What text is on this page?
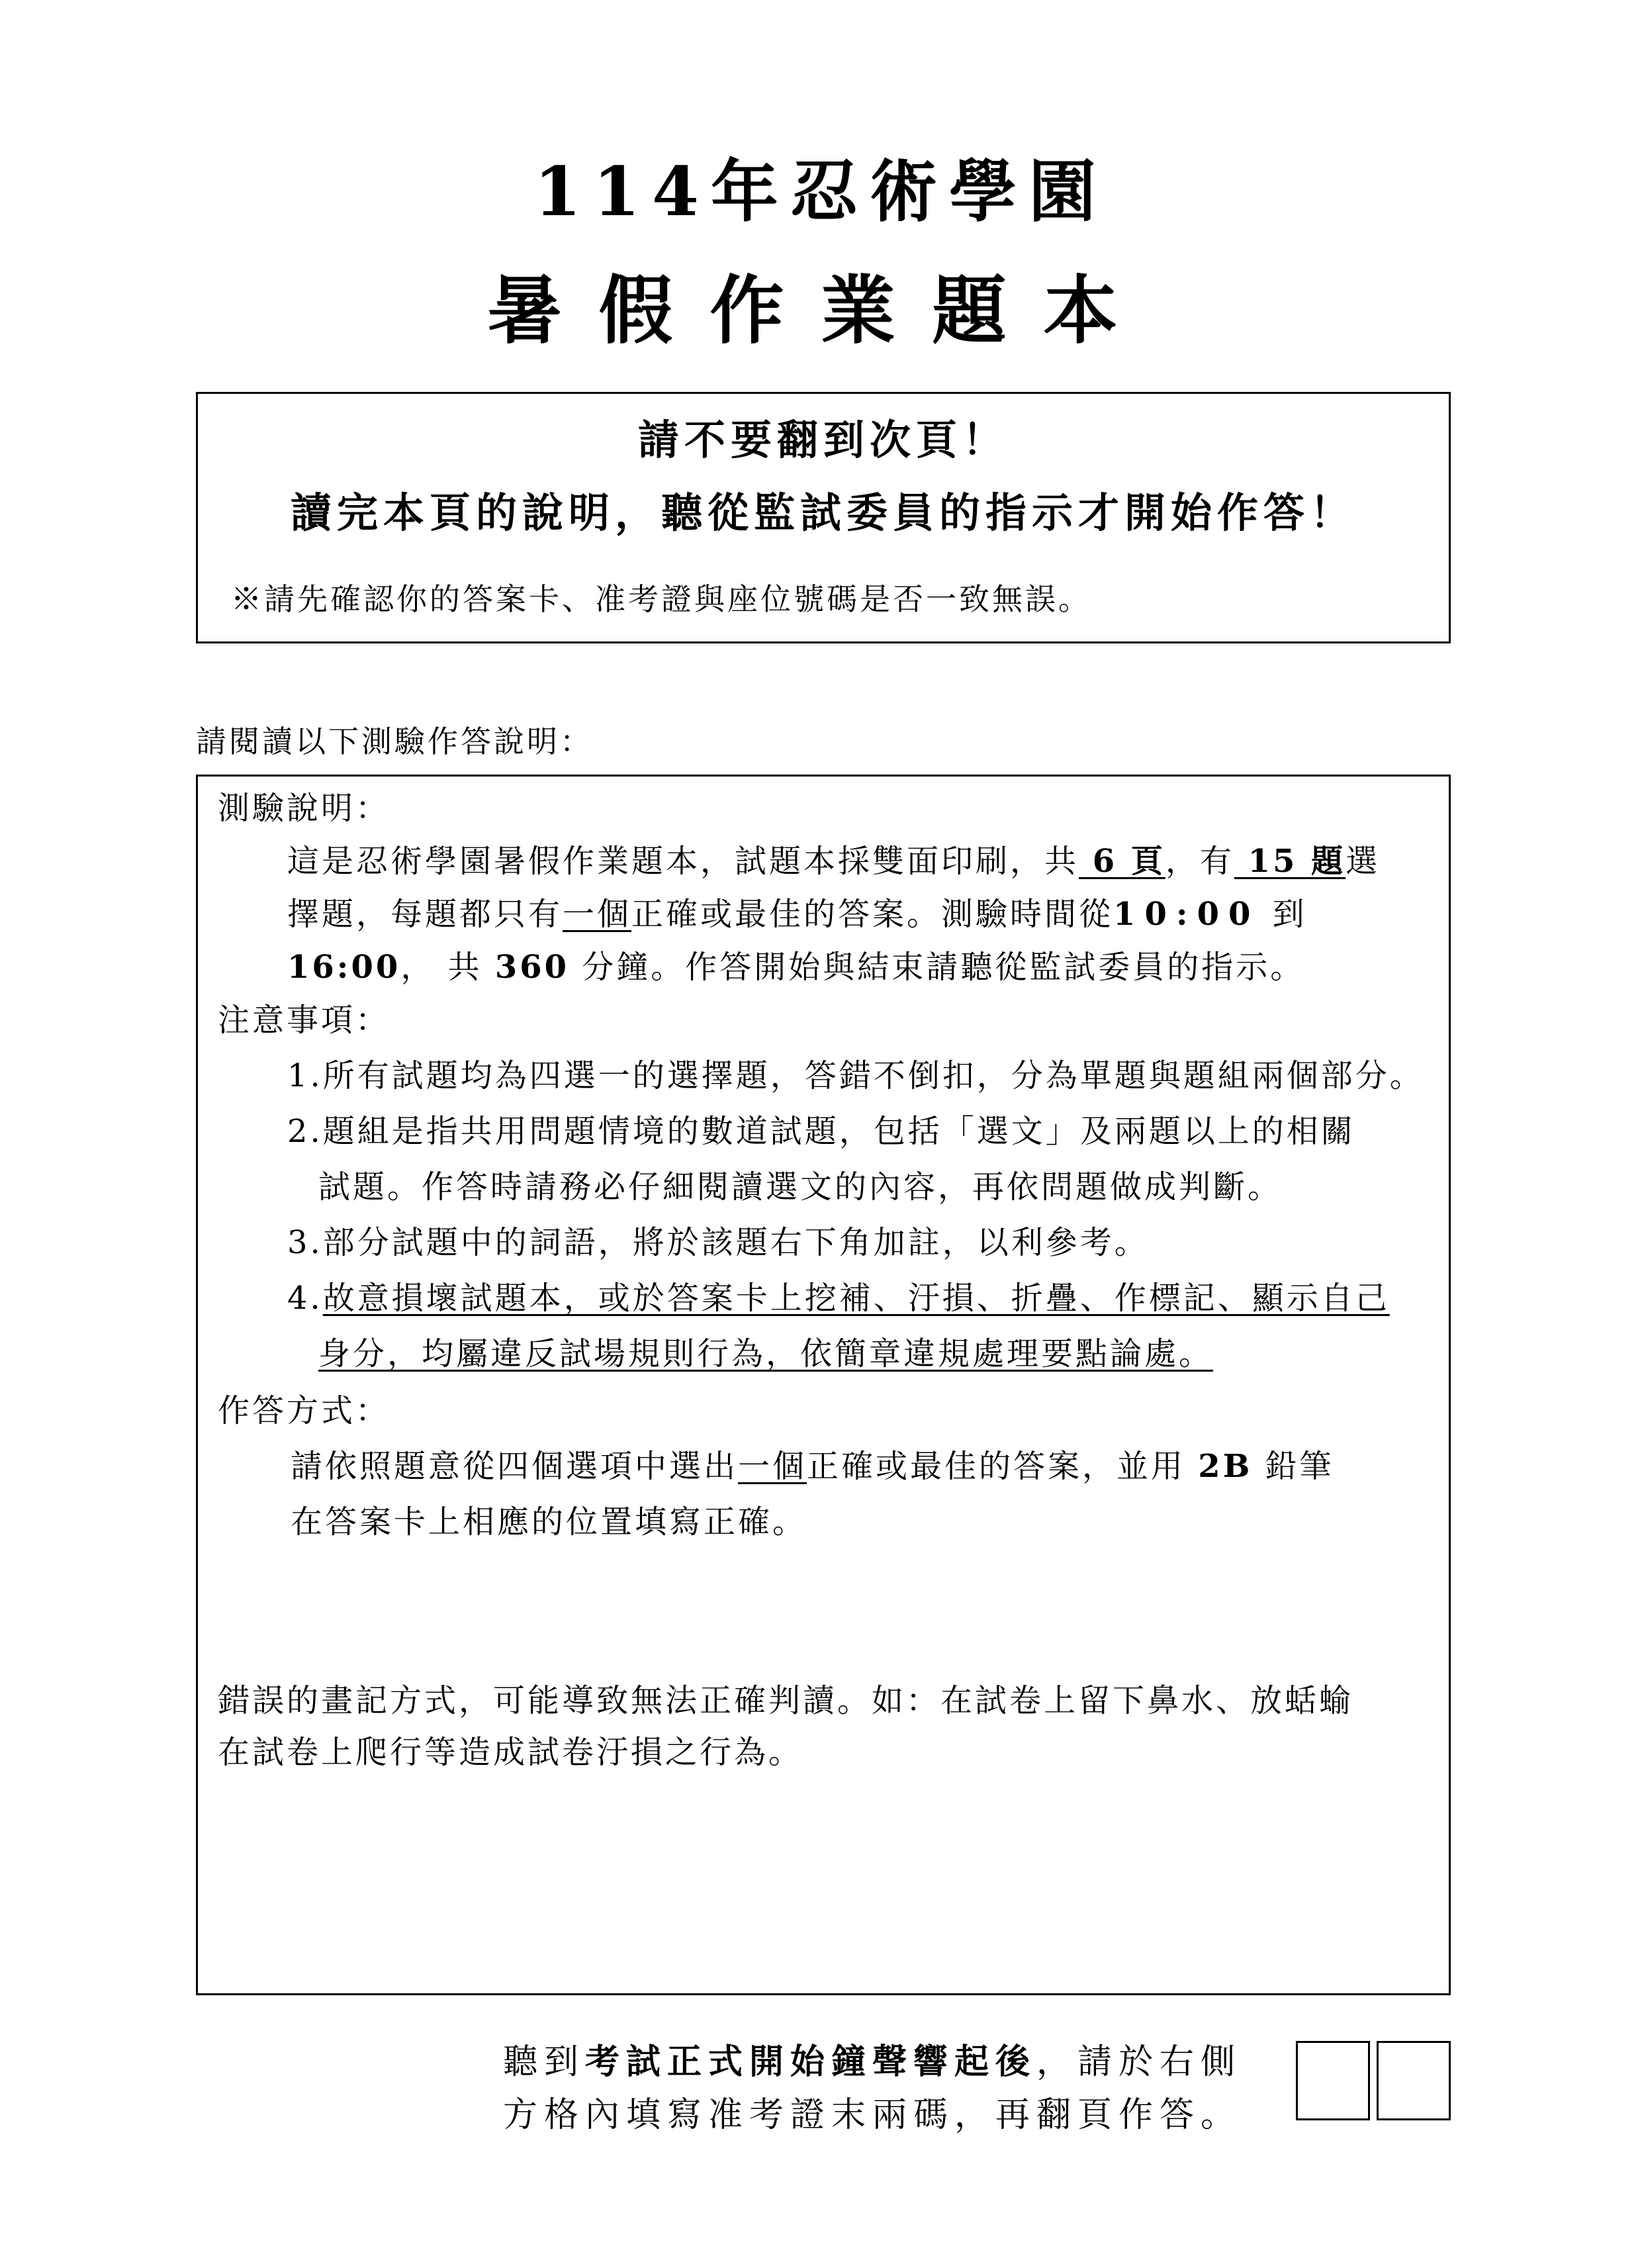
114年忍術學園
暑假作業題本
請不要翻到次頁！
讀完本頁的說明，聽從監試委員的指示才開始作答！
※請先確認你的答案卡、准考證與座位號碼是否一致無誤。
請閱讀以下測驗作答說明：
測驗說明：
這是忍術學園暑假作業題本，試題本採雙面印刷，共 6 頁，有 15 題選
擇題，每題都只有一個正確或最佳的答案。測驗時間從10:00 到
16:00， 共 360 分鐘。作答開始與結束請聽從監試委員的指示。
注意事項：
1.所有試題均為四選一的選擇題，答錯不倒扣，分為單題與題組兩個部分。
2.題組是指共用問題情境的數道試題，包括「選文」及兩題以上的相關
試題。作答時請務必仔細閱讀選文的內容，再依問題做成判斷。
3.部分試題中的詞語，將於該題右下角加註，以利參考。
4.故意損壞試題本，或於答案卡上挖補、汙損、折疊、作標記、顯示自己
身分，均屬違反試場規則行為，依簡章違規處理要點論處。
作答方式：
請依照題意從四個選項中選出一個正確或最佳的答案，並用 2B 鉛筆
在答案卡上相應的位置填寫正確。
錯誤的畫記方式，可能導致無法正確判讀。如：在試卷上留下鼻水、放蛞蝓
在試卷上爬行等造成試卷汙損之行為。
聽到考試正式開始鐘聲響起後，請於右側
方格內填寫准考證末兩碼，再翻頁作答。
